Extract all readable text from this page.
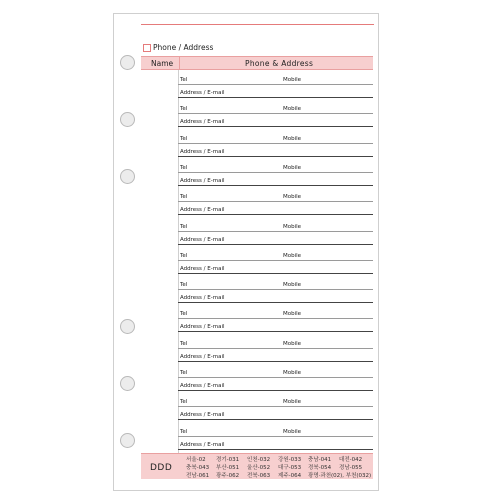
Phone / Address
Name	Phone & Address
Tel	Mobile
Address / E-mail
Tel	Mobile
Address / E-mail
Tel	Mobile
Address / E-mail
Tel	Mobile
Address / E-mail
Tel	Mobile
Address / E-mail
Tel	Mobile
Address / E-mail
Tel	Mobile
Address / E-mail
Tel	Mobile
Address / E-mail
Tel	Mobile
Address / E-mail
Tel	Mobile
Address / E-mail
Tel	Mobile
Address / E-mail
Tel	Mobile
Address / E-mail
Tel	Mobile
Address / E-mail
DDD
서울-02 경기-031 인천-032 강원-033 충남-041 대전-042
충북-043 부산-051 울산-052 대구-053 경북-054 경남-055
전남-061 광주-062 전북-063 제주-064 광명·과천(02), 부천(032)
